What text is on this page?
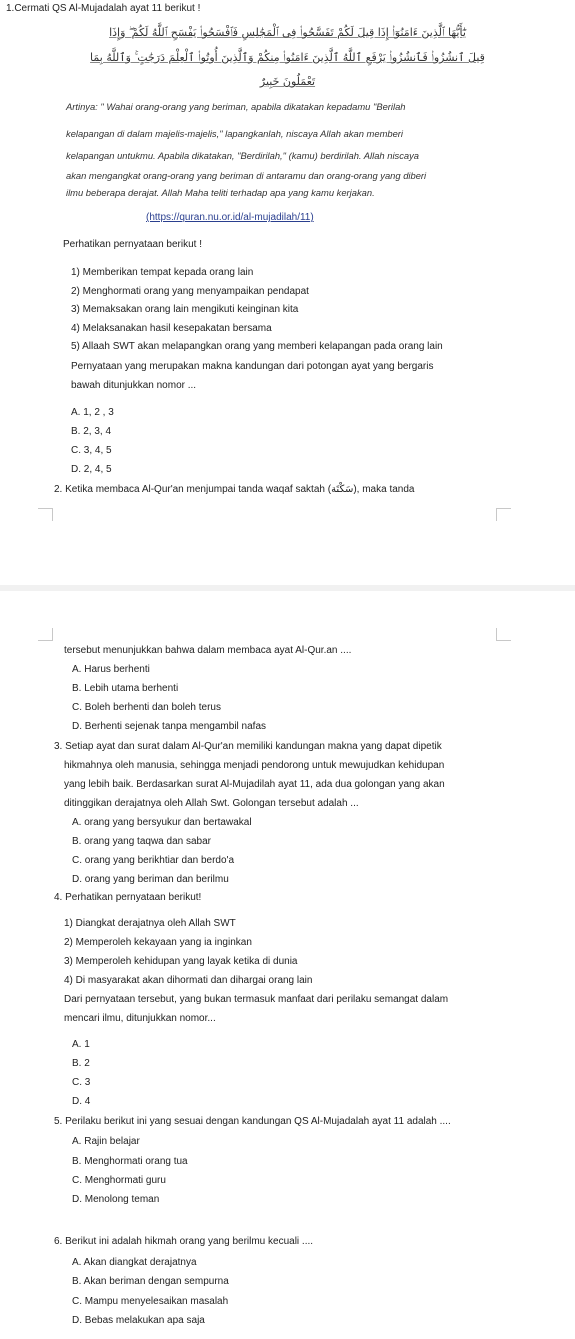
1.Cermati QS Al-Mujadalah ayat 11 berikut !
يَٰٓأَيُّهَا ٱلَّذِينَ ءَامَنُوٓا۟ إِذَا قِيلَ لَكُمْ تَفَسَّحُوا۟ فِى ٱلْمَجَٰلِسِ فَٱفْسَحُوا۟ يَفْسَحِ ٱللَّهُ لَكُمْ ۖ وَإِذَا
قِيلَ ٱنشُزُوا۟ فَٱنشُزُوا۟ يَرْفَعِ ٱللَّهُ ٱلَّذِينَ ءَامَنُوا۟ مِنكُمْ وَٱلَّذِينَ أُوتُوا۟ ٱلْعِلْمَ دَرَجَٰتٍ ۚ وَٱللَّهُ بِمَا
تَعْمَلُونَ خَبِيرٌ
Artinya: " Wahai orang-orang yang beriman, apabila dikatakan kepadamu "Berilah
kelapangan di dalam majelis-majelis," lapangkanlah, niscaya Allah akan memberi
kelapangan untukmu. Apabila dikatakan, "Berdirilah," (kamu) berdirilah. Allah niscaya
akan mengangkat orang-orang yang beriman di antaramu dan orang-orang yang diberi
ilmu beberapa derajat. Allah Maha teliti terhadap apa yang kamu kerjakan.
(https://quran.nu.or.id/al-mujadilah/11)
Perhatikan pernyataan berikut !
1) Memberikan tempat kepada orang lain
2) Menghormati orang yang menyampaikan pendapat
3) Memaksakan orang lain mengikuti keinginan kita
4) Melaksanakan hasil kesepakatan bersama
5) Allaah SWT akan melapangkan orang yang memberi kelapangan pada orang lain
Pernyataan yang merupakan makna kandungan dari potongan ayat yang bergaris
bawah ditunjukkan nomor ...
A. 1, 2 , 3
B. 2, 3, 4
C. 3, 4, 5
D. 2, 4, 5
2. Ketika membaca Al-Qur'an menjumpai tanda waqaf saktah (سَكْتَة), maka tanda
tersebut menunjukkan bahwa dalam membaca ayat Al-Qur.an ....
A. Harus berhenti
B. Lebih utama berhenti
C. Boleh berhenti dan boleh terus
D. Berhenti sejenak tanpa mengambil nafas
3. Setiap ayat dan surat dalam Al-Qur'an memiliki kandungan makna yang dapat dipetik
hikmahnya oleh manusia, sehingga menjadi pendorong untuk mewujudkan kehidupan
yang lebih baik. Berdasarkan surat Al-Mujadilah ayat 11, ada dua golongan yang akan
ditinggikan derajatnya oleh Allah Swt. Golongan tersebut adalah ...
A. orang yang bersyukur dan bertawakal
B. orang yang taqwa dan sabar
C. orang yang berikhtiar dan berdo'a
D. orang yang beriman dan berilmu
4. Perhatikan pernyataan berikut!
1) Diangkat derajatnya oleh Allah SWT
2) Memperoleh kekayaan yang ia inginkan
3) Memperoleh kehidupan yang layak ketika di dunia
4) Di masyarakat akan dihormati dan dihargai orang lain
Dari pernyataan tersebut, yang bukan termasuk manfaat dari perilaku semangat dalam
mencari ilmu, ditunjukkan nomor...
A. 1
B. 2
C. 3
D. 4
5. Perilaku berikut ini yang sesuai dengan kandungan QS Al-Mujadalah ayat 11 adalah ....
A. Rajin belajar
B. Menghormati orang tua
C. Menghormati guru
D. Menolong teman
6. Berikut ini adalah hikmah orang yang berilmu kecuali ....
A. Akan diangkat derajatnya
B. Akan beriman dengan sempurna
C. Mampu menyelesaikan masalah
D. Bebas melakukan apa saja
